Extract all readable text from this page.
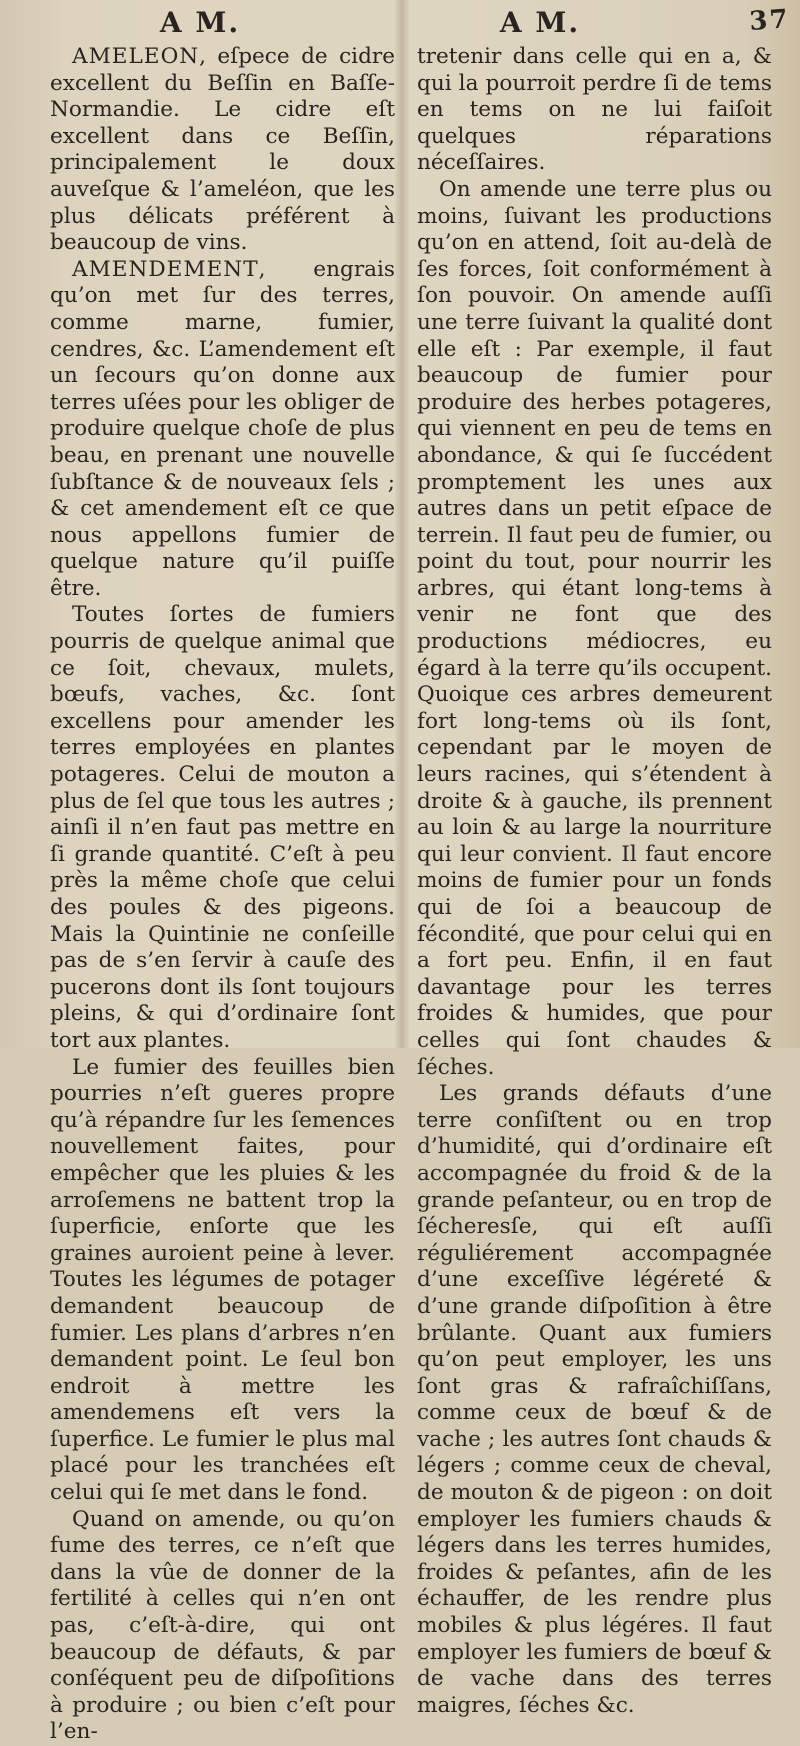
A M.	A M.	37

AMELEON, eſpece de cidre excellent du Beſſin en Baſſe-Normandie. Le cidre eſt excellent dans ce Beſſin, principalement le doux auveſque & l’ameléon, que les plus délicats préférent à beaucoup de vins.

AMENDEMENT, engrais qu’on met ſur des terres, comme marne, fumier, cendres, &c. L’amendement eſt un ſecours qu’on donne aux terres uſées pour les obliger de produire quelque choſe de plus beau, en prenant une nouvelle ſubſtance & de nouveaux ſels ; & cet amendement eſt ce que nous appellons fumier de quelque nature qu’il puiſſe être.

Toutes ſortes de fumiers pourris de quelque animal que ce ſoit, chevaux, mulets, bœufs, vaches, &c. ſont excellens pour amender les terres employées en plantes potageres. Celui de mouton a plus de ſel que tous les autres ; ainſi il n’en faut pas mettre en ſi grande quantité. C’eſt à peu près la même choſe que celui des poules & des pigeons. Mais la Quintinie ne conſeille pas de s’en ſervir à cauſe des pucerons dont ils ſont toujours pleins, & qui d’ordinaire ſont tort aux plantes.

Le fumier des feuilles bien pourries n’eſt gueres propre qu’à répandre ſur les ſemences nouvellement faites, pour empêcher que les pluies & les arroſemens ne battent trop la ſuperficie, enſorte que les graines auroient peine à lever. Toutes les légumes de potager demandent beaucoup de fumier. Les plans d’arbres n’en demandent point. Le ſeul bon endroit à mettre les amendemens eſt vers la ſuperficе. Le fumier le plus mal placé pour les tranchées eſt celui qui ſe met dans le fond.

Quand on amende, ou qu’on fume des terres, ce n’eſt que dans la vûe de donner de la fertilité à celles qui n’en ont pas, c’eſt-à-dire, qui ont beaucoup de défauts, & par conſéquent peu de diſpoſitions à produire ; ou bien c’eſt pour l’en-

tretenir dans celle qui en a, & qui la pourroit perdre ſi de tems en tems on ne lui faiſoit quelques réparations néceſſaires.

On amende une terre plus ou moins, ſuivant les productions qu’on en attend, ſoit au-delà de ſes forces, ſoit conformément à ſon pouvoir. On amende auſſi une terre ſuivant la qualité dont elle eſt : Par exemple, il faut beaucoup de fumier pour produire des herbes potageres, qui viennent en peu de tems en abondance, & qui ſe ſuccédent promptement les unes aux autres dans un petit eſpace de terrein. Il faut peu de fumier, ou point du tout, pour nourrir les arbres, qui étant long-tems à venir ne font que des productions médiocres, eu égard à la terre qu’ils occupent. Quoique ces arbres demeurent fort long-tems où ils ſont, cependant par le moyen de leurs racines, qui s’étendent à droite & à gauche, ils prennent au loin & au large la nourriture qui leur convient. Il faut encore moins de fumier pour un fonds qui de ſoi a beaucoup de fécondité, que pour celui qui en a fort peu. Enfin, il en faut davantage pour les terres froides & humides, que pour celles qui ſont chaudes & ſéches.

Les grands défauts d’une terre conſiſtent ou en trop d’humidité, qui d’ordinaire eſt accompagnée du froid & de la grande peſanteur, ou en trop de ſécheresſe, qui eſt auſſi réguliérement accompagnée d’une exceſſive légéreté & d’une grande diſpoſition à être brûlante. Quant aux fumiers qu’on peut employer, les uns ſont gras & rafraîchiſſans, comme ceux de bœuf & de vache ; les autres ſont chauds & légers ; comme ceux de cheval, de mouton & de pigeon : on doit employer les fumiers chauds & légers dans les terres humides, froides & peſantes, afin de les échauffer, de les rendre plus mobiles & plus légéres. Il faut employer les fumiers de bœuf & de vache dans des terres maigres, ſéches &c.
